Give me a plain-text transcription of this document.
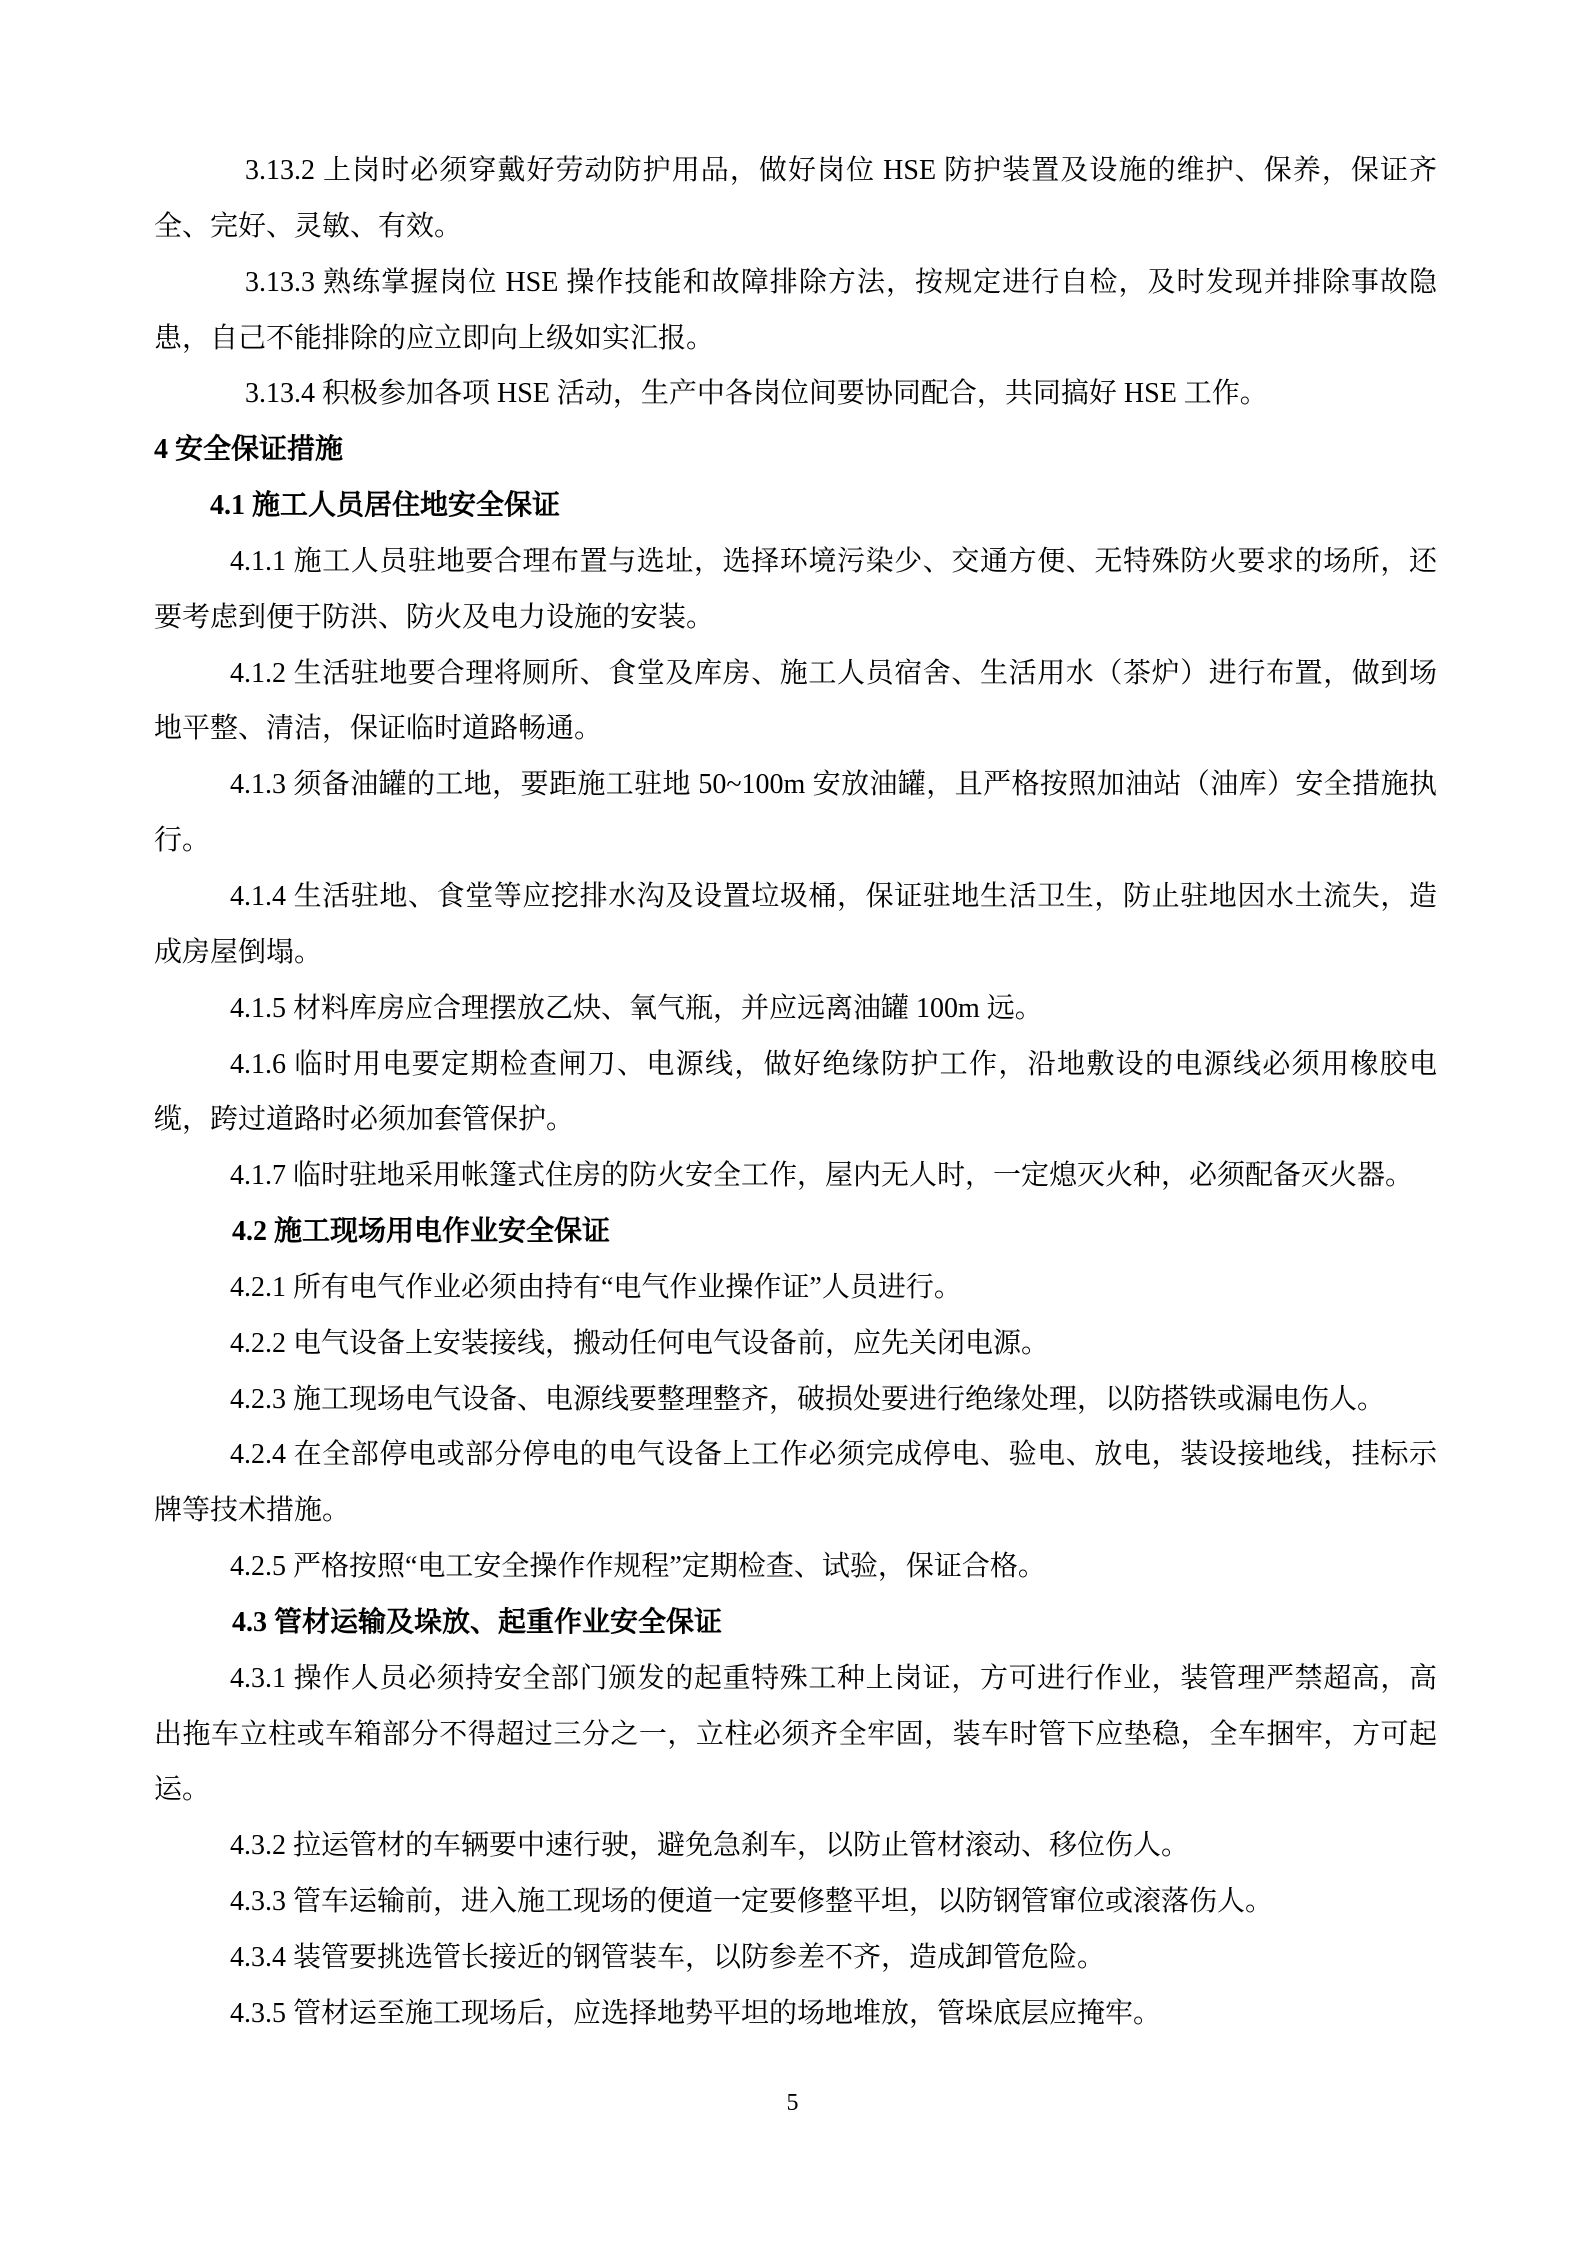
3.13.2 上岗时必须穿戴好劳动防护用品，做好岗位 HSE 防护装置及设施的维护、保养，保证齐
全、完好、灵敏、有效。
3.13.3 熟练掌握岗位 HSE 操作技能和故障排除方法，按规定进行自检，及时发现并排除事故隐
患，自己不能排除的应立即向上级如实汇报。
3.13.4 积极参加各项 HSE 活动，生产中各岗位间要协同配合，共同搞好 HSE 工作。
4 安全保证措施
4.1 施工人员居住地安全保证
4.1.1 施工人员驻地要合理布置与选址，选择环境污染少、交通方便、无特殊防火要求的场所，还
要考虑到便于防洪、防火及电力设施的安装。
4.1.2 生活驻地要合理将厕所、食堂及库房、施工人员宿舍、生活用水（茶炉）进行布置，做到场
地平整、清洁，保证临时道路畅通。
4.1.3 须备油罐的工地，要距施工驻地 50~100m 安放油罐，且严格按照加油站（油库）安全措施执
行。
4.1.4 生活驻地、食堂等应挖排水沟及设置垃圾桶，保证驻地生活卫生，防止驻地因水土流失，造
成房屋倒塌。
4.1.5 材料库房应合理摆放乙炔、氧气瓶，并应远离油罐 100m 远。
4.1.6 临时用电要定期检查闸刀、电源线，做好绝缘防护工作，沿地敷设的电源线必须用橡胶电
缆，跨过道路时必须加套管保护。
4.1.7 临时驻地采用帐篷式住房的防火安全工作，屋内无人时，一定熄灭火种，必须配备灭火器。
4.2 施工现场用电作业安全保证
4.2.1 所有电气作业必须由持有“电气作业操作证”人员进行。
4.2.2 电气设备上安装接线，搬动任何电气设备前，应先关闭电源。
4.2.3 施工现场电气设备、电源线要整理整齐，破损处要进行绝缘处理，以防搭铁或漏电伤人。
4.2.4 在全部停电或部分停电的电气设备上工作必须完成停电、验电、放电，装设接地线，挂标示
牌等技术措施。
4.2.5 严格按照“电工安全操作作规程”定期检查、试验，保证合格。
4.3 管材运输及垛放、起重作业安全保证
4.3.1 操作人员必须持安全部门颁发的起重特殊工种上岗证，方可进行作业，装管理严禁超高，高
出拖车立柱或车箱部分不得超过三分之一，立柱必须齐全牢固，装车时管下应垫稳，全车捆牢，方可起
运。
4.3.2 拉运管材的车辆要中速行驶，避免急刹车，以防止管材滚动、移位伤人。
4.3.3 管车运输前，进入施工现场的便道一定要修整平坦，以防钢管窜位或滚落伤人。
4.3.4 装管要挑选管长接近的钢管装车，以防参差不齐，造成卸管危险。
4.3.5 管材运至施工现场后，应选择地势平坦的场地堆放，管垛底层应掩牢。
5
